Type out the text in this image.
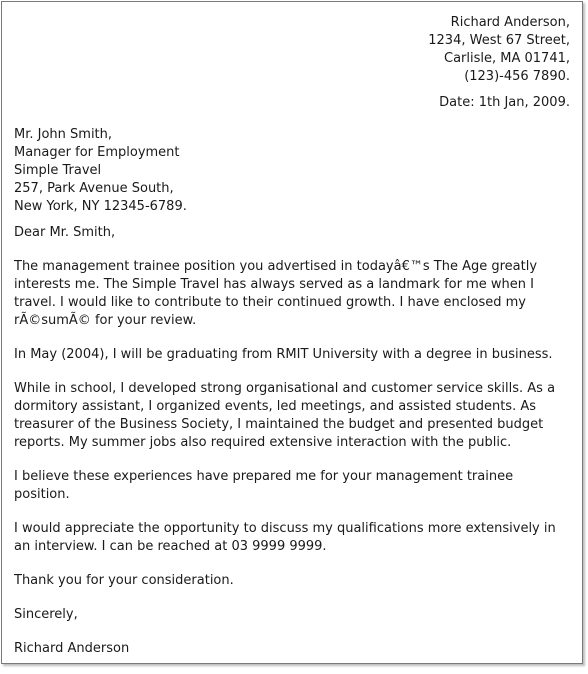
Richard Anderson,
1234, West 67 Street,
Carlisle, MA 01741,
(123)-456 7890.
Date: 1th Jan, 2009.
Mr. John Smith,
Manager for Employment
Simple Travel
257, Park Avenue South,
New York, NY 12345-6789.

Dear Mr. Smith,

The management trainee position you advertised in todayâ€™s The Age greatly
interests me. The Simple Travel has always served as a landmark for me when I
travel. I would like to contribute to their continued growth. I have enclosed my
rÃ©sumÃ© for your review.

In May (2004), I will be graduating from RMIT University with a degree in business.

While in school, I developed strong organisational and customer service skills. As a
dormitory assistant, I organized events, led meetings, and assisted students. As
treasurer of the Business Society, I maintained the budget and presented budget
reports. My summer jobs also required extensive interaction with the public.

I believe these experiences have prepared me for your management trainee
position.

I would appreciate the opportunity to discuss my qualifications more extensively in
an interview. I can be reached at 03 9999 9999.

Thank you for your consideration.

Sincerely,

Richard Anderson
